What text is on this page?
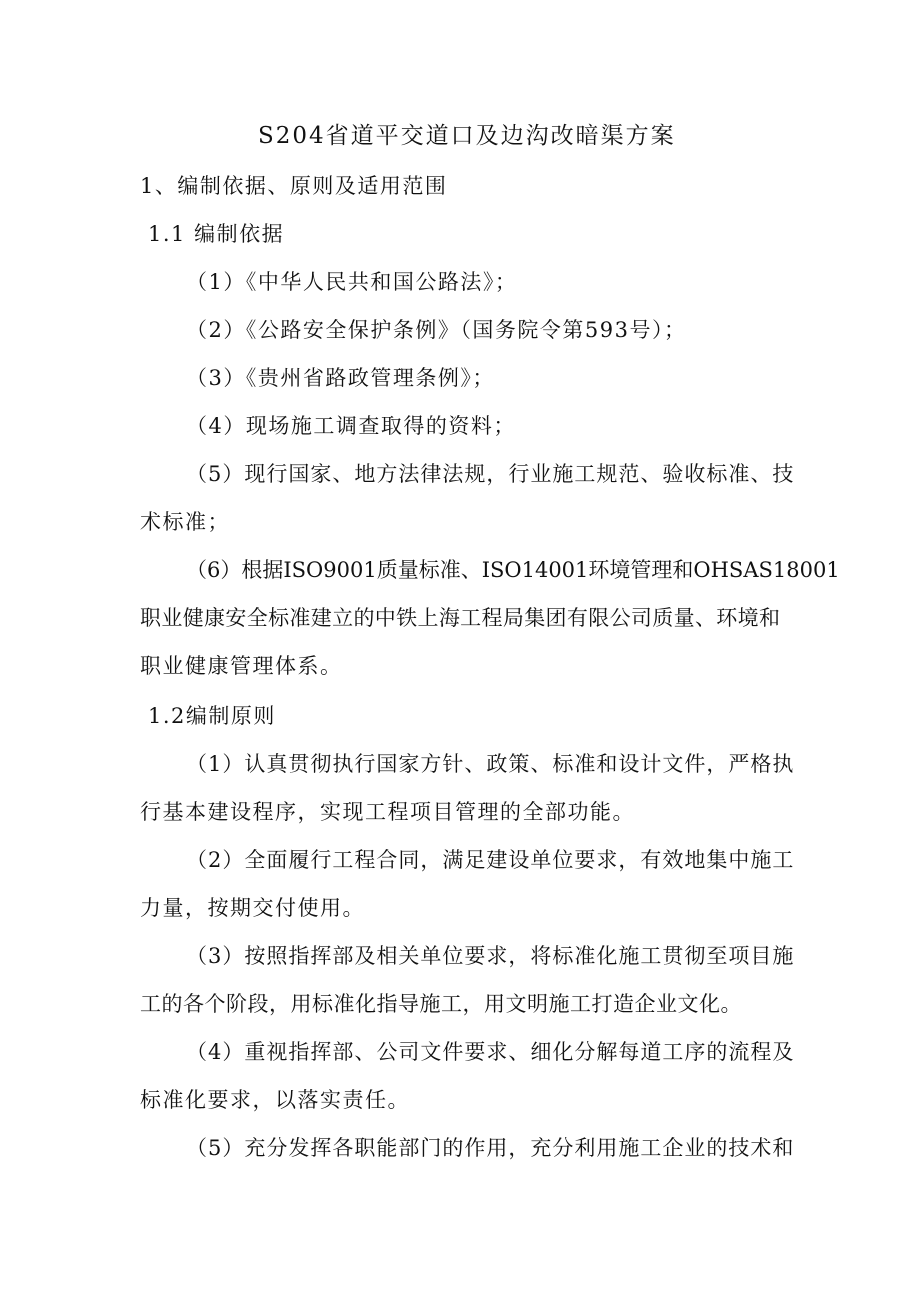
S204省道平交道口及边沟改暗渠方案
1、编制依据、原则及适用范围
1.1 编制依据
（1）《中华人民共和国公路法》；
（2）《公路安全保护条例》（国务院令第593号）；
（3）《贵州省路政管理条例》；
（4）现场施工调查取得的资料；
（5）现行国家、地方法律法规，行业施工规范、验收标准、技
术标准；
（6）根据ISO9001质量标准、ISO14001环境管理和OHSAS18001
职业健康安全标准建立的中铁上海工程局集团有限公司质量、环境和
职业健康管理体系。
1.2编制原则
（1）认真贯彻执行国家方针、政策、标准和设计文件，严格执
行基本建设程序，实现工程项目管理的全部功能。
（2）全面履行工程合同，满足建设单位要求，有效地集中施工
力量，按期交付使用。
（3）按照指挥部及相关单位要求，将标准化施工贯彻至项目施
工的各个阶段，用标准化指导施工，用文明施工打造企业文化。
（4）重视指挥部、公司文件要求、细化分解每道工序的流程及
标准化要求，以落实责任。
（5）充分发挥各职能部门的作用，充分利用施工企业的技术和
